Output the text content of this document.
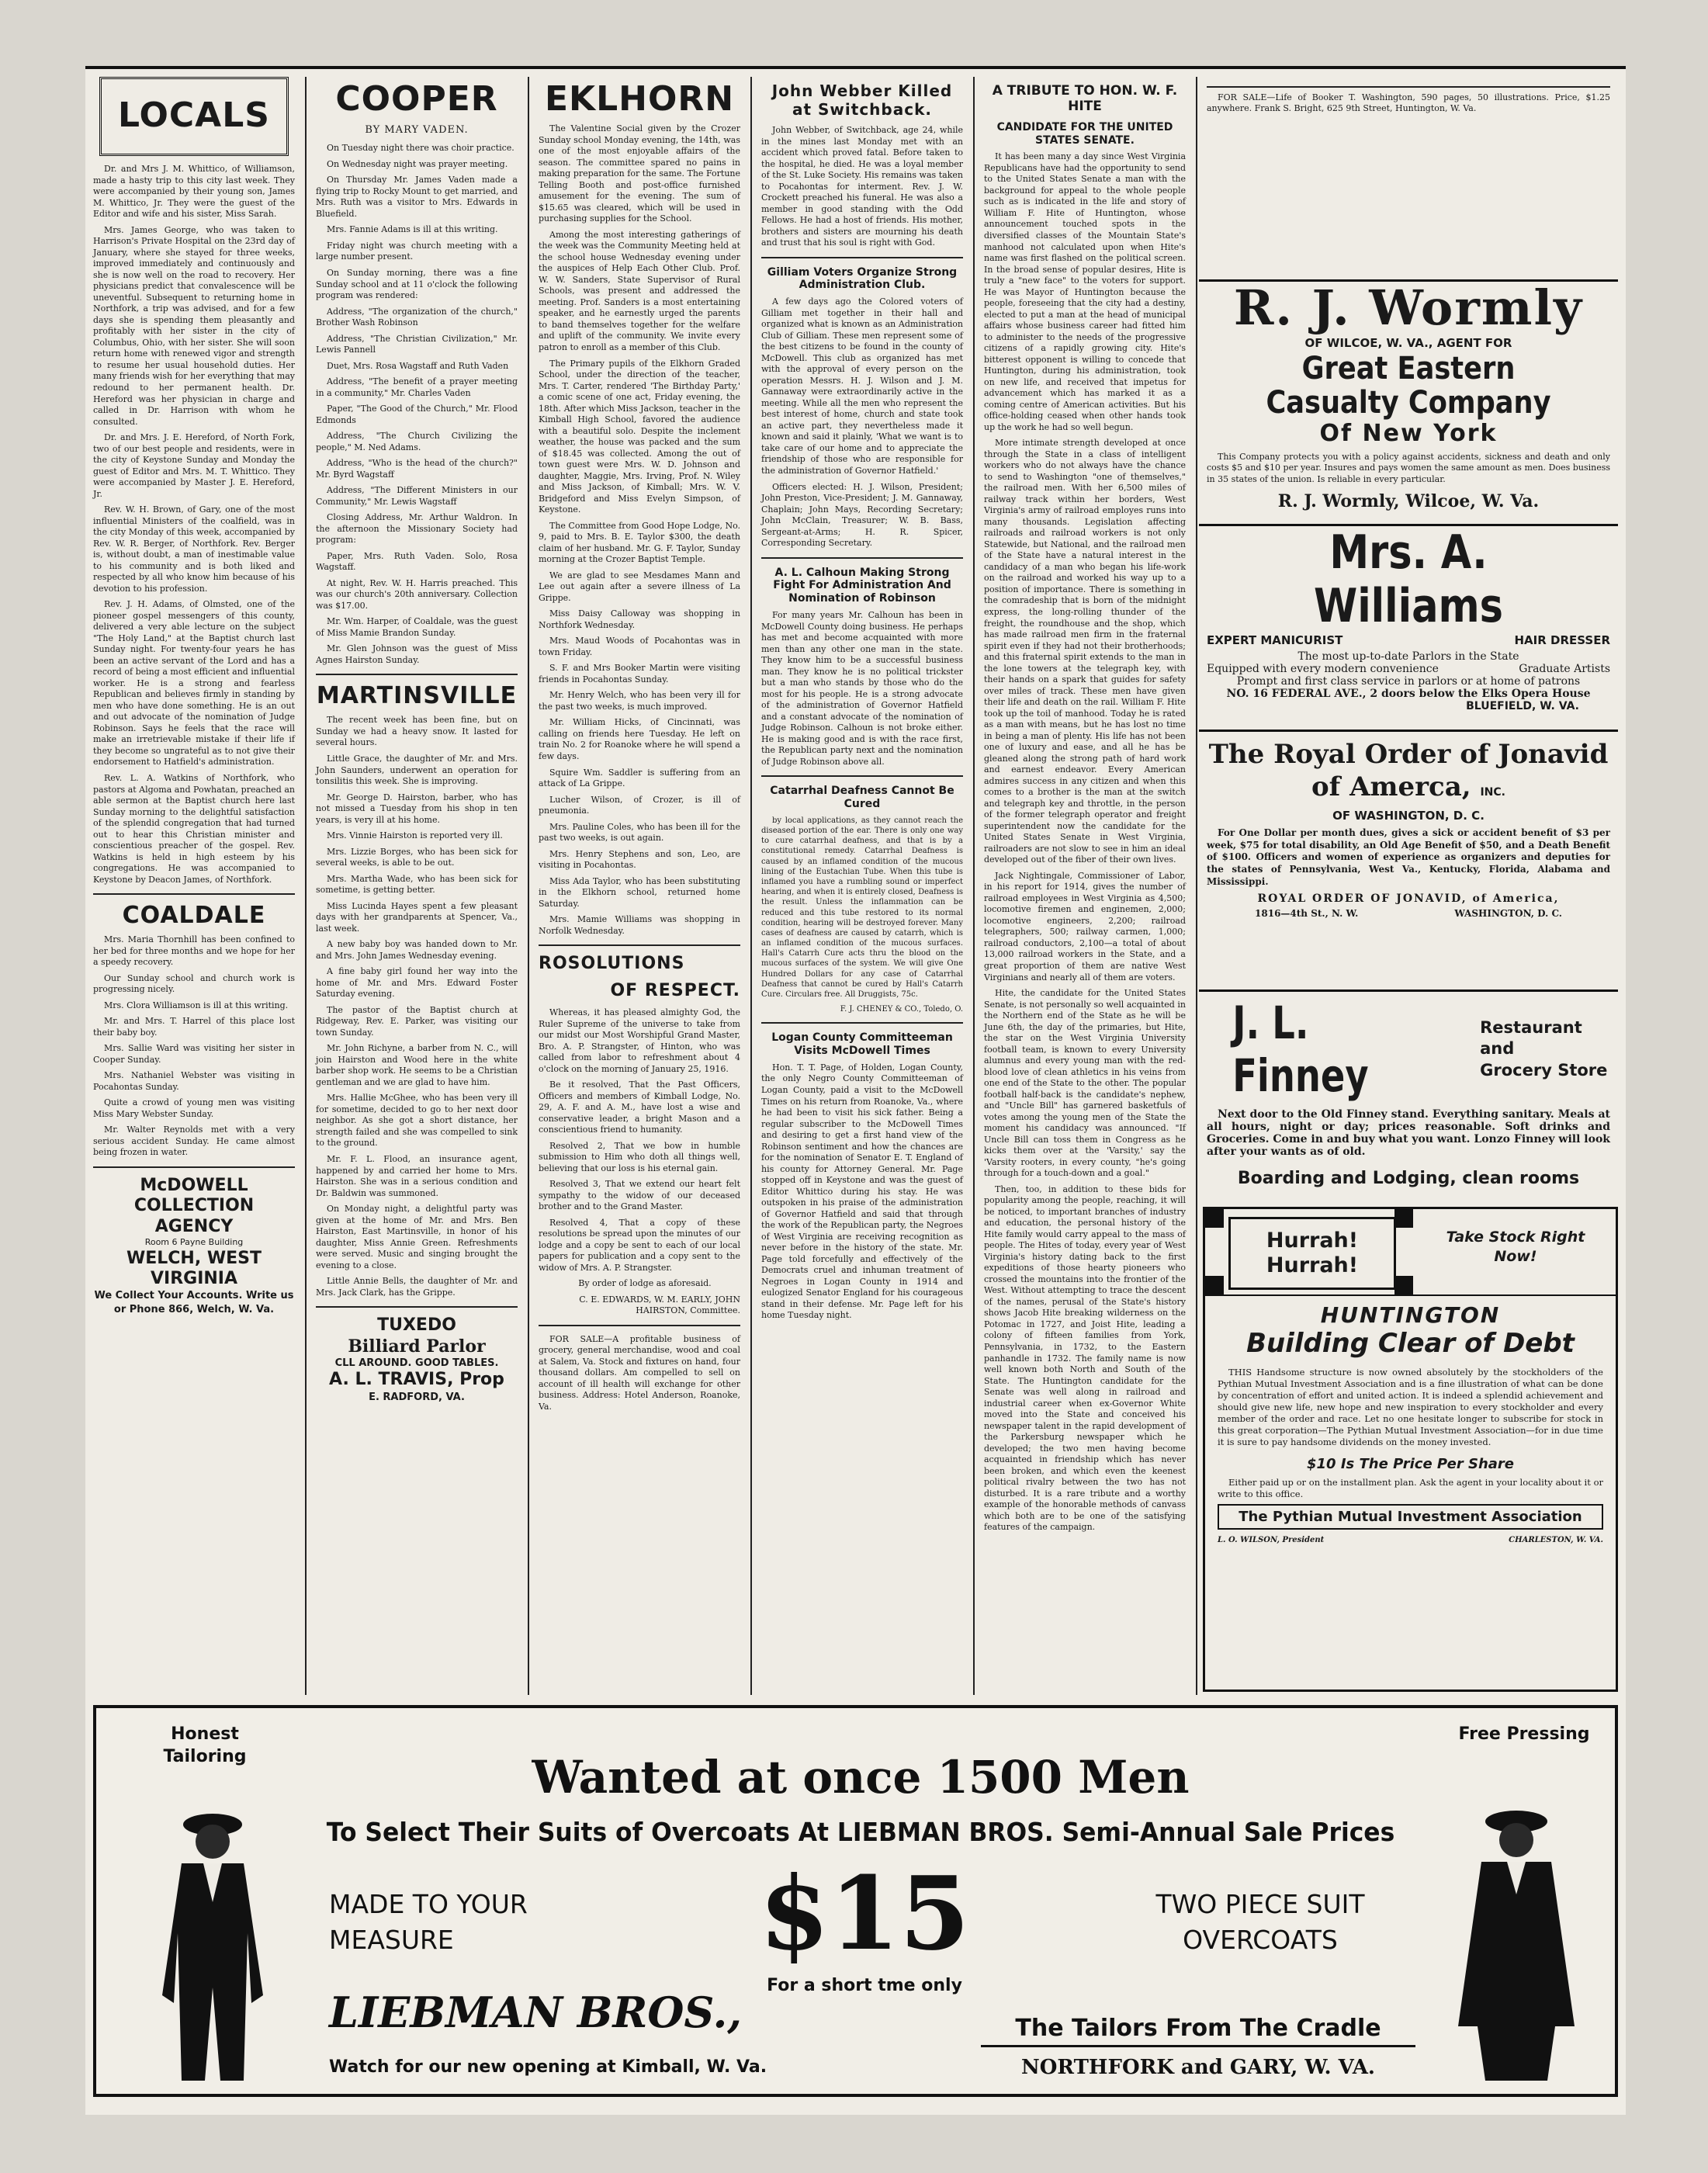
LOCALS

Dr. and Mrs J. M. Whittico, of Williamson, made a hasty trip to this city last week. They were accompanied by their young son, James M. Whittico, Jr. They were the guest of the Editor and wife and his sister, Miss Sarah.

Mrs. James George, who was taken to Harrison's Private Hospital on the 23rd day of January, where she stayed for three weeks, improved immediately and continuously and she is now well on the road to recovery. Her physicians predict that convalescence will be uneventful. Subsequent to returning home in Northfork, a trip was advised, and for a few days she is spending them pleasantly and profitably with her sister in the city of Columbus, Ohio, with her sister. She will soon return home with renewed vigor and strength to resume her usual household duties. Her many friends wish for her everything that may redound to her permanent health. Dr. Hereford was her physician in charge and called in Dr. Harrison with whom he consulted.

Dr. and Mrs. J. E. Hereford, of North Fork, two of our best people and residents, were in the city of Keystone Sunday and Monday the guest of Editor and Mrs. M. T. Whittico. They were accompanied by Master J. E. Hereford, Jr.

Rev. W. H. Brown, of Gary, one of the most influential Ministers of the coalfield, was in the city Monday of this week, accompanied by Rev. W. R. Berger, of Northfork. Rev. Berger is, without doubt, a man of inestimable value to his community and is both liked and respected by all who know him because of his devotion to his profession.

Rev. J. H. Adams, of Olmsted, one of the pioneer gospel messengers of this county, delivered a very able lecture on the subject "The Holy Land," at the Baptist church last Sunday night. For twenty-four years he has been an active servant of the Lord and has a record of being a most efficient and influential worker. He is a strong and fearless Republican and believes firmly in standing by men who have done something. He is an out and out advocate of the nomination of Judge Robinson. Says he feels that the race will make an irretrievable mistake if their life if they become so ungrateful as to not give their endorsement to Hatfield's administration.

Rev. L. A. Watkins of Northfork, who pastors at Algoma and Powhatan, preached an able sermon at the Baptist church here last Sunday morning to the delightful satisfaction of the splendid congregation that had turned out to hear this Christian minister and conscientious preacher of the gospel. Rev. Watkins is held in high esteem by his congregations. He was accompanied to Keystone by Deacon James, of Northfork.

COALDALE

Mrs. Maria Thornhill has been confined to her bed for three months and we hope for her a speedy recovery.

Our Sunday school and church work is progressing nicely.

Mrs. Clora Williamson is ill at this writing.

Mr. and Mrs. T. Harrel of this place lost their baby boy.

Mrs. Sallie Ward was visiting her sister in Cooper Sunday.

Mrs. Nathaniel Webster was visiting in Pocahontas Sunday.

Quite a crowd of young men was visiting Miss Mary Webster Sunday.

Mr. Walter Reynolds met with a very serious accident Sunday. He came almost being frozen in water.

McDOWELL
COLLECTION AGENCY
Room 6 Payne Building
WELCH, WEST VIRGINIA
We Collect Your Accounts. Write us or Phone 866, Welch, W. Va.
COOPER
BY MARY VADEN.

On Tuesday night there was choir practice.

On Wednesday night was prayer meeting.

On Thursday Mr. James Vaden made a flying trip to Rocky Mount to get married, and Mrs. Ruth was a visitor to Mrs. Edwards in Bluefield.

Mrs. Fannie Adams is ill at this writing.

Friday night was church meeting with a large number present.

On Sunday morning, there was a fine Sunday school and at 11 o'clock the following program was rendered:

Address, "The organization of the church," Brother Wash Robinson

Address, "The Christian Civilization," Mr. Lewis Pannell

Duet, Mrs. Rosa Wagstaff and Ruth Vaden

Address, "The benefit of a prayer meeting in a community," Mr. Charles Vaden

Paper, "The Good of the Church," Mr. Flood Edmonds

Address, "The Church Civilizing the people," M. Ned Adams.

Address, "Who is the head of the church?" Mr. Byrd Wagstaff

Address, "The Different Ministers in our Community," Mr. Lewis Wagstaff

Closing Address, Mr. Arthur Waldron. In the afternoon the Missionary Society had program:

Paper, Mrs. Ruth Vaden. Solo, Rosa Wagstaff.

At night, Rev. W. H. Harris preached. This was our church's 20th anniversary. Collection was $17.00.

Mr. Wm. Harper, of Coaldale, was the guest of Miss Mamie Brandon Sunday.

Mr. Glen Johnson was the guest of Miss Agnes Hairston Sunday.

MARTINSVILLE

The recent week has been fine, but on Sunday we had a heavy snow. It lasted for several hours.

Little Grace, the daughter of Mr. and Mrs. John Saunders, underwent an operation for tonsilitis this week. She is improving.

Mr. George D. Hairston, barber, who has not missed a Tuesday from his shop in ten years, is very ill at his home.

Mrs. Vinnie Hairston is reported very ill.

Mrs. Lizzie Borges, who has been sick for several weeks, is able to be out.

Mrs. Martha Wade, who has been sick for sometime, is getting better.

Miss Lucinda Hayes spent a few pleasant days with her grandparents at Spencer, Va., last week.

A new baby boy was handed down to Mr. and Mrs. John James Wednesday evening.

A fine baby girl found her way into the home of Mr. and Mrs. Edward Foster Saturday evening.

The pastor of the Baptist church at Ridgeway, Rev. E. Parker, was visiting our town Sunday.

Mr. John Richyne, a barber from N. C., will join Hairston and Wood here in the white barber shop work. He seems to be a Christian gentleman and we are glad to have him.

Mrs. Hallie McGhee, who has been very ill for sometime, decided to go to her next door neighbor. As she got a short distance, her strength failed and she was compelled to sink to the ground.

Mr. F. L. Flood, an insurance agent, happened by and carried her home to Mrs. Hairston. She was in a serious condition and Dr. Baldwin was summoned.

On Monday night, a delightful party was given at the home of Mr. and Mrs. Ben Hairston, East Martinsville, in honor of his daughter, Miss Annie Green. Refreshments were served. Music and singing brought the evening to a close.

Little Annie Bells, the daughter of Mr. and Mrs. Jack Clark, has the Grippe.

TUXEDO
Billiard Parlor
CLL AROUND. GOOD TABLES.
A. L. TRAVIS, Prop
E. RADFORD, VA.
EKLHORN

The Valentine Social given by the Crozer Sunday school Monday evening, the 14th, was one of the most enjoyable affairs of the season. The committee spared no pains in making preparation for the same. The Fortune Telling Booth and post-office furnished amusement for the evening. The sum of $15.65 was cleared, which will be used in purchasing supplies for the School.

Among the most interesting gatherings of the week was the Community Meeting held at the school house Wednesday evening under the auspices of Help Each Other Club. Prof. W. W. Sanders, State Supervisor of Rural Schools, was present and addressed the meeting. Prof. Sanders is a most entertaining speaker, and he earnestly urged the parents to band themselves together for the welfare and uplift of the community. We invite every patron to enroll as a member of this Club.

The Primary pupils of the Elkhorn Graded School, under the direction of the teacher, Mrs. T. Carter, rendered 'The Birthday Party,' a comic scene of one act, Friday evening, the 18th. After which Miss Jackson, teacher in the Kimball High School, favored the audience with a beautiful solo. Despite the inclement weather, the house was packed and the sum of $18.45 was collected. Among the out of town guest were Mrs. W. D. Johnson and daughter, Maggie, Mrs. Irving, Prof. N. Wiley and Miss Jackson, of Kimball; Mrs. W. V. Bridgeford and Miss Evelyn Simpson, of Keystone.

The Committee from Good Hope Lodge, No. 9, paid to Mrs. B. E. Taylor $300, the death claim of her husband. Mr. G. F. Taylor, Sunday morning at the Crozer Baptist Temple.

We are glad to see Mesdames Mann and Lee out again after a severe illness of La Grippe.

Miss Daisy Calloway was shopping in Northfork Wednesday.

Mrs. Maud Woods of Pocahontas was in town Friday.

S. F. and Mrs Booker Martin were visiting friends in Pocahontas Sunday.

Mr. Henry Welch, who has been very ill for the past two weeks, is much improved.

Mr. William Hicks, of Cincinnati, was calling on friends here Tuesday. He left on train No. 2 for Roanoke where he will spend a few days.

Squire Wm. Saddler is suffering from an attack of La Grippe.

Lucher Wilson, of Crozer, is ill of pneumonia.

Mrs. Pauline Coles, who has been ill for the past two weeks, is out again.

Mrs. Henry Stephens and son, Leo, are visiting in Pocahontas.

Miss Ada Taylor, who has been substituting in the Elkhorn school, returned home Saturday.

Mrs. Mamie Williams was shopping in Norfolk Wednesday.

ROSOLUTIONS
OF RESPECT.

Whereas, it has pleased almighty God, the Ruler Supreme of the universe to take from our midst our Most Worshipful Grand Master, Bro. A. P. Strangster, of Hinton, who was called from labor to refreshment about 4 o'clock on the morning of January 25, 1916.

Be it resolved, That the Past Officers, Officers and members of Kimball Lodge, No. 29, A. F. and A. M., have lost a wise and conservative leader, a bright Mason and a conscientious friend to humanity.

Resolved 2, That we bow in humble submission to Him who doth all things well, believing that our loss is his eternal gain.

Resolved 3, That we extend our heart felt sympathy to the widow of our deceased brother and to the Grand Master.

Resolved 4, That a copy of these resolutions be spread upon the minutes of our lodge and a copy be sent to each of our local papers for publication and a copy sent to the widow of Mrs. A. P. Strangster.

By order of lodge as aforesaid.

C. E. EDWARDS, W. M. EARLY, JOHN HAIRSTON, Committee.

FOR SALE—A profitable business of grocery, general merchandise, wood and coal at Salem, Va. Stock and fixtures on hand, four thousand dollars. Am compelled to sell on account of ill health will exchange for other business. Address: Hotel Anderson, Roanoke, Va.

John Webber Killed at Switchback.

John Webber, of Switchback, age 24, while in the mines last Monday met with an accident which proved fatal. Before taken to the hospital, he died. He was a loyal member of the St. Luke Society. His remains was taken to Pocahontas for interment. Rev. J. W. Crockett preached his funeral. He was also a member in good standing with the Odd Fellows. He had a host of friends. His mother, brothers and sisters are mourning his death and trust that his soul is right with God.

Gilliam Voters Organize Strong Administration Club.

A few days ago the Colored voters of Gilliam met together in their hall and organized what is known as an Administration Club of Gilliam. These men represent some of the best citizens to be found in the county of McDowell. This club as organized has met with the approval of every person on the operation Messrs. H. J. Wilson and J. M. Gannaway were extraordinarily active in the meeting. While all the men who represent the best interest of home, church and state took an active part, they nevertheless made it known and said it plainly, 'What we want is to take care of our home and to appreciate the friendship of those who are responsible for the administration of Governor Hatfield.'

Officers elected: H. J. Wilson, President; John Preston, Vice-President; J. M. Gannaway, Chaplain; John Mays, Recording Secretary; John McClain, Treasurer; W. B. Bass, Sergeant-at-Arms; H. R. Spicer, Corresponding Secretary.

A. L. Calhoun Making Strong Fight For Administration And Nomination of Robinson

For many years Mr. Calhoun has been in McDowell County doing business. He perhaps has met and become acquainted with more men than any other one man in the state. They know him to be a successful business man. They know he is no political trickster but a man who stands by those who do the most for his people. He is a strong advocate of the administration of Governor Hatfield and a constant advocate of the nomination of Judge Robinson. Calhoun is not broke either. He is making good and is with the race first, the Republican party next and the nomination of Judge Robinson above all.

Catarrhal Deafness Cannot Be Cured

by local applications, as they cannot reach the diseased portion of the ear. There is only one way to cure catarrhal deafness, and that is by a constitutional remedy. Catarrhal Deafness is caused by an inflamed condition of the mucous lining of the Eustachian Tube. When this tube is inflamed you have a rumbling sound or imperfect hearing, and when it is entirely closed, Deafness is the result. Unless the inflammation can be reduced and this tube restored to its normal condition, hearing will be destroyed forever. Many cases of deafness are caused by catarrh, which is an inflamed condition of the mucous surfaces. Hall's Catarrh Cure acts thru the blood on the mucous surfaces of the system. We will give One Hundred Dollars for any case of Catarrhal Deafness that cannot be cured by Hall's Catarrh Cure. Circulars free. All Druggists, 75c.

F. J. CHENEY & CO., Toledo, O.

Logan County Committeeman Visits McDowell Times

Hon. T. T. Page, of Holden, Logan County, the only Negro County Committeeman of Logan County, paid a visit to the McDowell Times on his return from Roanoke, Va., where he had been to visit his sick father. Being a regular subscriber to the McDowell Times and desiring to get a first hand view of the Robinson sentiment and how the chances are for the nomination of Senator E. T. England of his county for Attorney General. Mr. Page stopped off in Keystone and was the guest of Editor Whittico during his stay. He was outspoken in his praise of the administration of Governor Hatfield and said that through the work of the Republican party, the Negroes of West Virginia are receiving recognition as never before in the history of the state. Mr. Page told forcefully and effectively of the Democrats cruel and inhuman treatment of Negroes in Logan County in 1914 and eulogized Senator England for his courageous stand in their defense. Mr. Page left for his home Tuesday night.

A TRIBUTE TO HON. W. F. HITE
CANDIDATE FOR THE UNITED STATES SENATE.

It has been many a day since West Virginia Republicans have had the opportunity to send to the United States Senate a man with the background for appeal to the whole people such as is indicated in the life and story of William F. Hite of Huntington, whose announcement touched spots in the diversified classes of the Mountain State's manhood not calculated upon when Hite's name was first flashed on the political screen. In the broad sense of popular desires, Hite is truly a "new face" to the voters for support. He was Mayor of Huntington because the people, foreseeing that the city had a destiny, elected to put a man at the head of municipal affairs whose business career had fitted him to administer to the needs of the progressive citizens of a rapidly growing city. Hite's bitterest opponent is willing to concede that Huntington, during his administration, took on new life, and received that impetus for advancement which has marked it as a coming centre of American activities. But his office-holding ceased when other hands took up the work he had so well begun.

More intimate strength developed at once through the State in a class of intelligent workers who do not always have the chance to send to Washington "one of themselves," the railroad men. With her 6,500 miles of railway track within her borders, West Virginia's army of railroad employes runs into many thousands. Legislation affecting railroads and railroad workers is not only Statewide, but National, and the railroad men of the State have a natural interest in the candidacy of a man who began his life-work on the railroad and worked his way up to a position of importance. There is something in the comradeship that is born of the midnight express, the long-rolling thunder of the freight, the roundhouse and the shop, which has made railroad men firm in the fraternal spirit even if they had not their brotherhoods; and this fraternal spirit extends to the man in the lone towers at the telegraph key, with their hands on a spark that guides for safety over miles of track. These men have given their life and death on the rail. William F. Hite took up the toil of manhood. Today he is rated as a man with means, but he has lost no time in being a man of plenty. His life has not been one of luxury and ease, and all he has be gleaned along the strong path of hard work and earnest endeavor. Every American admires success in any citizen and when this comes to a brother is the man at the switch and telegraph key and throttle, in the person of the former telegraph operator and freight superintendent now the candidate for the United States Senate in West Virginia, railroaders are not slow to see in him an ideal developed out of the fiber of their own lives.

Jack Nightingale, Commissioner of Labor, in his report for 1914, gives the number of railroad employees in West Virginia as 4,500; locomotive firemen and enginemen, 2,000; locomotive engineers, 2,200; railroad telegraphers, 500; railway carmen, 1,000; railroad conductors, 2,100—a total of about 13,000 railroad workers in the State, and a great proportion of them are native West Virginians and nearly all of them are voters.

Hite, the candidate for the United States Senate, is not personally so well acquainted in the Northern end of the State as he will be June 6th, the day of the primaries, but Hite, the star on the West Virginia University football team, is known to every University alumnus and every young man with the red-blood love of clean athletics in his veins from one end of the State to the other. The popular football half-back is the candidate's nephew, and "Uncle Bill" has garnered basketfuls of votes among the young men of the State the moment his candidacy was announced. "If Uncle Bill can toss them in Congress as he kicks them over at the 'Varsity,' say the 'Varsity rooters, in every county, "he's going through for a touch-down and a goal."

Then, too, in addition to these bids for popularity among the people, reaching, it will be noticed, to important branches of industry and education, the personal history of the Hite family would carry appeal to the mass of people. The Hites of today, every year of West Virginia's history dating back to the first expeditions of those hearty pioneers who crossed the mountains into the frontier of the West. Without attempting to trace the descent of the names, perusal of the State's history shows Jacob Hite breaking wilderness on the Potomac in 1727, and Joist Hite, leading a colony of fifteen families from York, Pennsylvania, in 1732, to the Eastern panhandle in 1732. The family name is now well known both North and South of the State. The Huntington candidate for the Senate was well along in railroad and industrial career when ex-Governor White moved into the State and conceived his newspaper talent in the rapid development of the Parkersburg newspaper which he developed; the two men having become acquainted in friendship which has never been broken, and which even the keenest political rivalry between the two has not disturbed. It is a rare tribute and a worthy example of the honorable methods of canvass which both are to be one of the satisfying features of the campaign.

FOR SALE—Life of Booker T. Washington, 590 pages, 50 illustrations. Price, $1.25 anywhere. Frank S. Bright, 625 9th Street, Huntington, W. Va.

R. J. Wormly
OF WILCOE, W. VA., AGENT FOR
Great Eastern Casualty Company
Of New York

This Company protects you with a policy against accidents, sickness and death and only costs $5 and $10 per year. Insures and pays women the same amount as men. Does business in 35 states of the union. Is reliable in every particular.

R. J. Wormly, Wilcoe, W. Va.
Mrs. A. Williams
EXPERT MANICURIST	HAIR DRESSER
The most up-to-date Parlors in the State
Equipped with every modern convenience	Graduate Artists
Prompt and first class service in parlors or at home of patrons
NO. 16 FEDERAL AVE., 2 doors below the Elks Opera House
BLUEFIELD, W. VA.
The Royal Order of Jonavid
of Amerca, INC.
OF WASHINGTON, D. C.

For One Dollar per month dues, gives a sick or accident benefit of $3 per week, $75 for total disability, an Old Age Benefit of $50, and a Death Benefit of $100. Officers and women of experience as organizers and deputies for the states of Pennsylvania, West Va., Kentucky, Florida, Alabama and Mississippi.

ROYAL ORDER OF JONAVID, of America,
1816—4th St., N. W.	WASHINGTON, D. C.
J. L. Finney
Restaurant and
Grocery Store

Next door to the Old Finney stand. Everything sanitary. Meals at all hours, night or day; prices reasonable. Soft drinks and Groceries. Come in and buy what you want. Lonzo Finney will look after your wants as of old.

Boarding and Lodging, clean rooms
Hurrah! Hurrah!
Take Stock Right Now!
HUNTINGTON
Building Clear of Debt

THIS Handsome structure is now owned absolutely by the stockholders of the Pythian Mutual Investment Association and is a fine illustration of what can be done by concentration of effort and united action. It is indeed a splendid achievement and should give new life, new hope and new inspiration to every stockholder and every member of the order and race. Let no one hesitate longer to subscribe for stock in this great corporation—The Pythian Mutual Investment Association—for in due time it is sure to pay handsome dividends on the money invested.

$10 Is The Price Per Share

Either paid up or on the installment plan. Ask the agent in your locality about it or write to this office.

The Pythian Mutual Investment Association
L. O. WILSON, President	CHARLESTON, W. VA.
Honest Tailoring
Free Pressing
Wanted at once 1500 Men
To Select Their Suits of Overcoats At LIEBMAN BROS. Semi-Annual Sale Prices
MADE TO YOUR
MEASURE	$15
For a short tme only
TWO PIECE SUIT
OVERCOATS
LIEBMAN BROS.,	The Tailors From The Cradle
Watch for our new opening at Kimball, W. Va.	NORTHFORK and GARY, W. VA.
